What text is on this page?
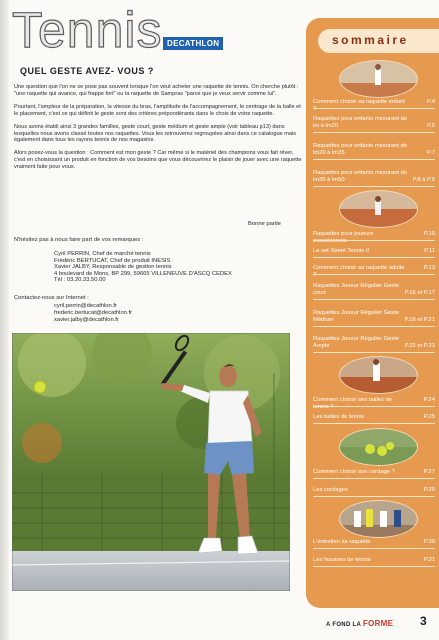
Tennis DECATHLON
QUEL GESTE AVEZ- VOUS ?

Une question que l'on ne se pose pas souvent lorsque l'on veut acheter une raquette de tennis. On cherche plutôt : "une raquette qui avance, qui frappe fort" ou la raquette de Sampras "parce que je veux servir comme lui".

Pourtant, l'ampleur de la préparation, la vitesse du bras, l'amplitude de l'accompagnement, le centrage de la balle et le placement, c'est ce qui définit le geste sont des critères prépondérants dans le choix de votre raquette.

Nous avons établi ainsi 3 grandes familles, geste court, geste médium et geste ample (voir tableau p13) dans lesquelles nous avons classé toutes nos raquettes. Vous les retrouverez regroupées ainsi dans ce catalogue mais également dans tous les rayons tennis de nos magasins.

Alors posez-vous la question : Comment est mon geste ? Car même si le matériel des champions vous fait rêver, c'est en choisissant un produit en fonction de vos besoins que vous découvrirez le plaisir de jouer avec une raquette vraiment faite pour vous.

Bonne partie
N'hésitez pas à nous faire part de vos remarques :
Cyril PERRIN, Chef de marché tennis
Frédéric BERTUCAT, Chef de produit INESIS
Xavier JALBY, Responsable de gestion tennis
4 boulevard de Mons, BP 299, 59665 VILLENEUVE D'ASCQ CEDEX
Tél : 03.20.33.50.00
Contactez-nous sur Internet :
cyril.perrin@decathlon.fr
frederic.bertucat@decathlon.fr
xavier.jalby@decathlon.fr
sommaire
Comment choisir sa raquette enfant ?
P.4
Raquettes pour enfants mesurant de lm à lm20	P.5
Raquettes pour enfants mesurant de lm20 à lm35	P.7
Raquettes pour enfants mesurant de lm35 à lm50	P.8 à P.9
Raquettes pour joueurs occasionnels
P.10
Le set Street Tennis II	P.11
Comment choisir sa raquette adulte ?
P.13
Raquettes Joueur Régulier Geste court	P.16 et P.17
Raquettes Joueur Régulier Geste Médium	P.18 et P.21
Raquettes Joueur Régulier Geste Ample	P.22 et P.23
Comment choisir ses balles de tennis ?
P.24
Les balles de tennis	P.25
Comment choisir son cordage ?	P.27
Les cordages	P.29
L'entretien sa raquette	P.30
Les housses de tennis	P.31
A FOND LA FORME 3
